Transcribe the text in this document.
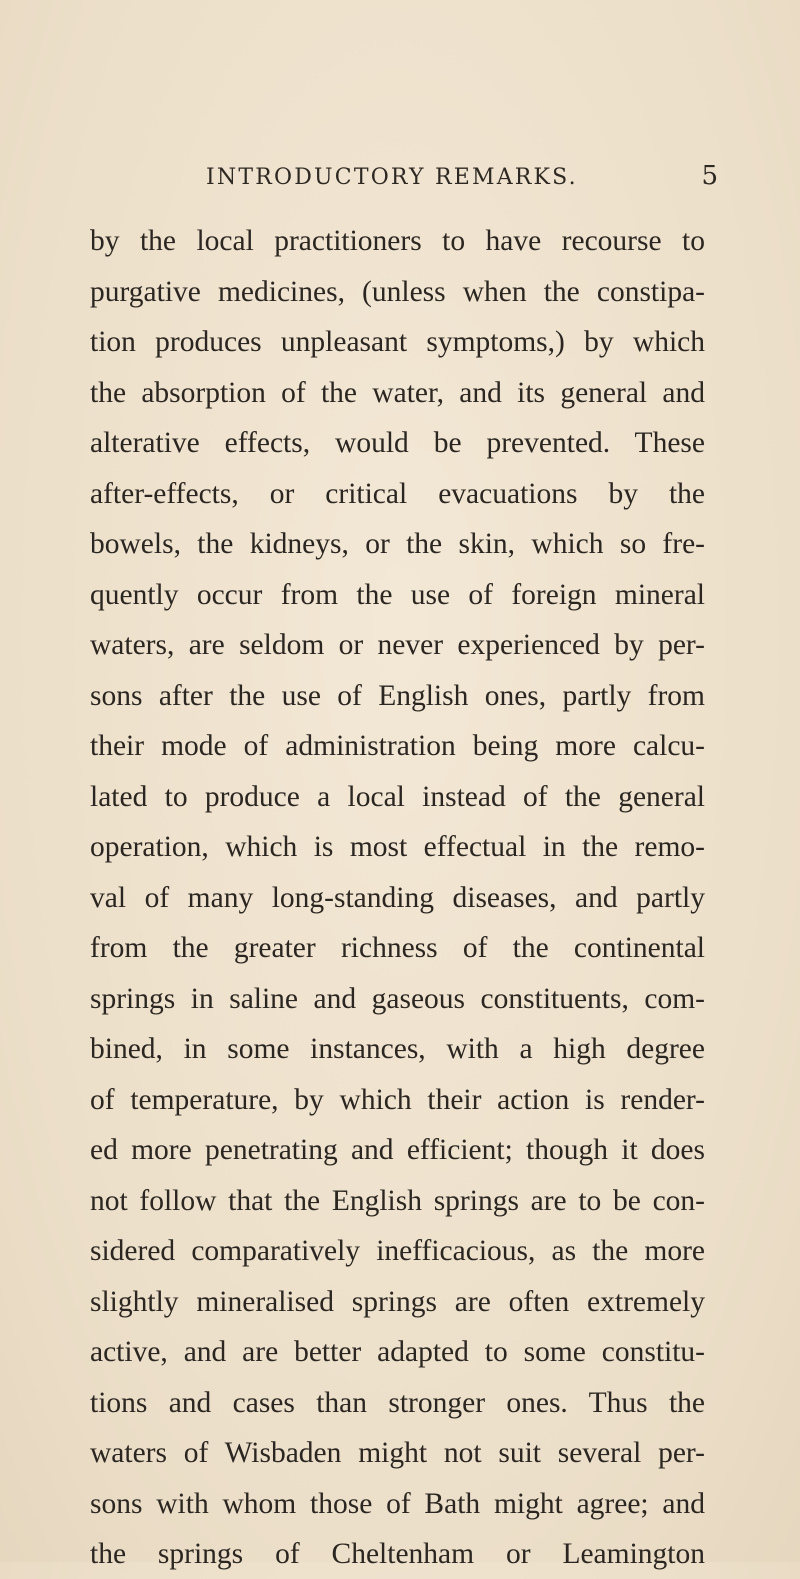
INTRODUCTORY REMARKS.	5
by the local practitioners to have recourse to
purgative medicines, (unless when the constipa-
tion produces unpleasant symptoms,) by which
the absorption of the water, and its general and
alterative effects, would be prevented. These
after-effects, or critical evacuations by the
bowels, the kidneys, or the skin, which so fre-
quently occur from the use of foreign mineral
waters, are seldom or never experienced by per-
sons after the use of English ones, partly from
their mode of administration being more calcu-
lated to produce a local instead of the general
operation, which is most effectual in the remo-
val of many long-standing diseases, and partly
from the greater richness of the continental
springs in saline and gaseous constituents, com-
bined, in some instances, with a high degree
of temperature, by which their action is render-
ed more penetrating and efficient; though it does
not follow that the English springs are to be con-
sidered comparatively inefficacious, as the more
slightly mineralised springs are often extremely
active, and are better adapted to some constitu-
tions and cases than stronger ones. Thus the
waters of Wisbaden might not suit several per-
sons with whom those of Bath might agree; and
the springs of Cheltenham or Leamington
